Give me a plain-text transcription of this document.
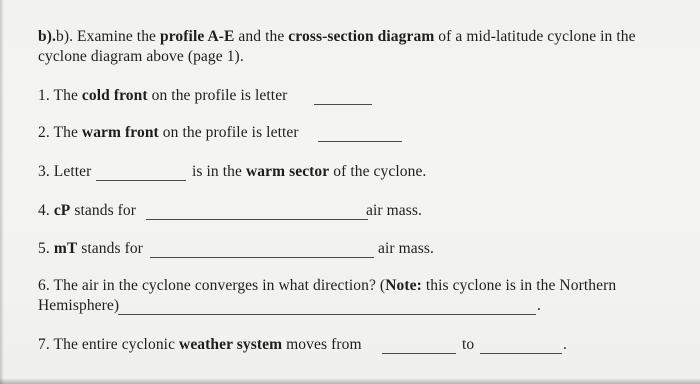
b).b). Examine the profile A-E and the cross-section diagram of a mid-latitude cyclone in the
cyclone diagram above (page 1).
1. The cold front on the profile is letter
2. The warm front on the profile is letter
3. Letter	is in the warm sector of the cyclone.
4. cP stands for	air mass.
5. mT stands for	air mass.
6. The air in the cyclone converges in what direction? (Note: this cyclone is in the Northern
Hemisphere)	.
7. The entire cyclonic weather system moves from	to	.
